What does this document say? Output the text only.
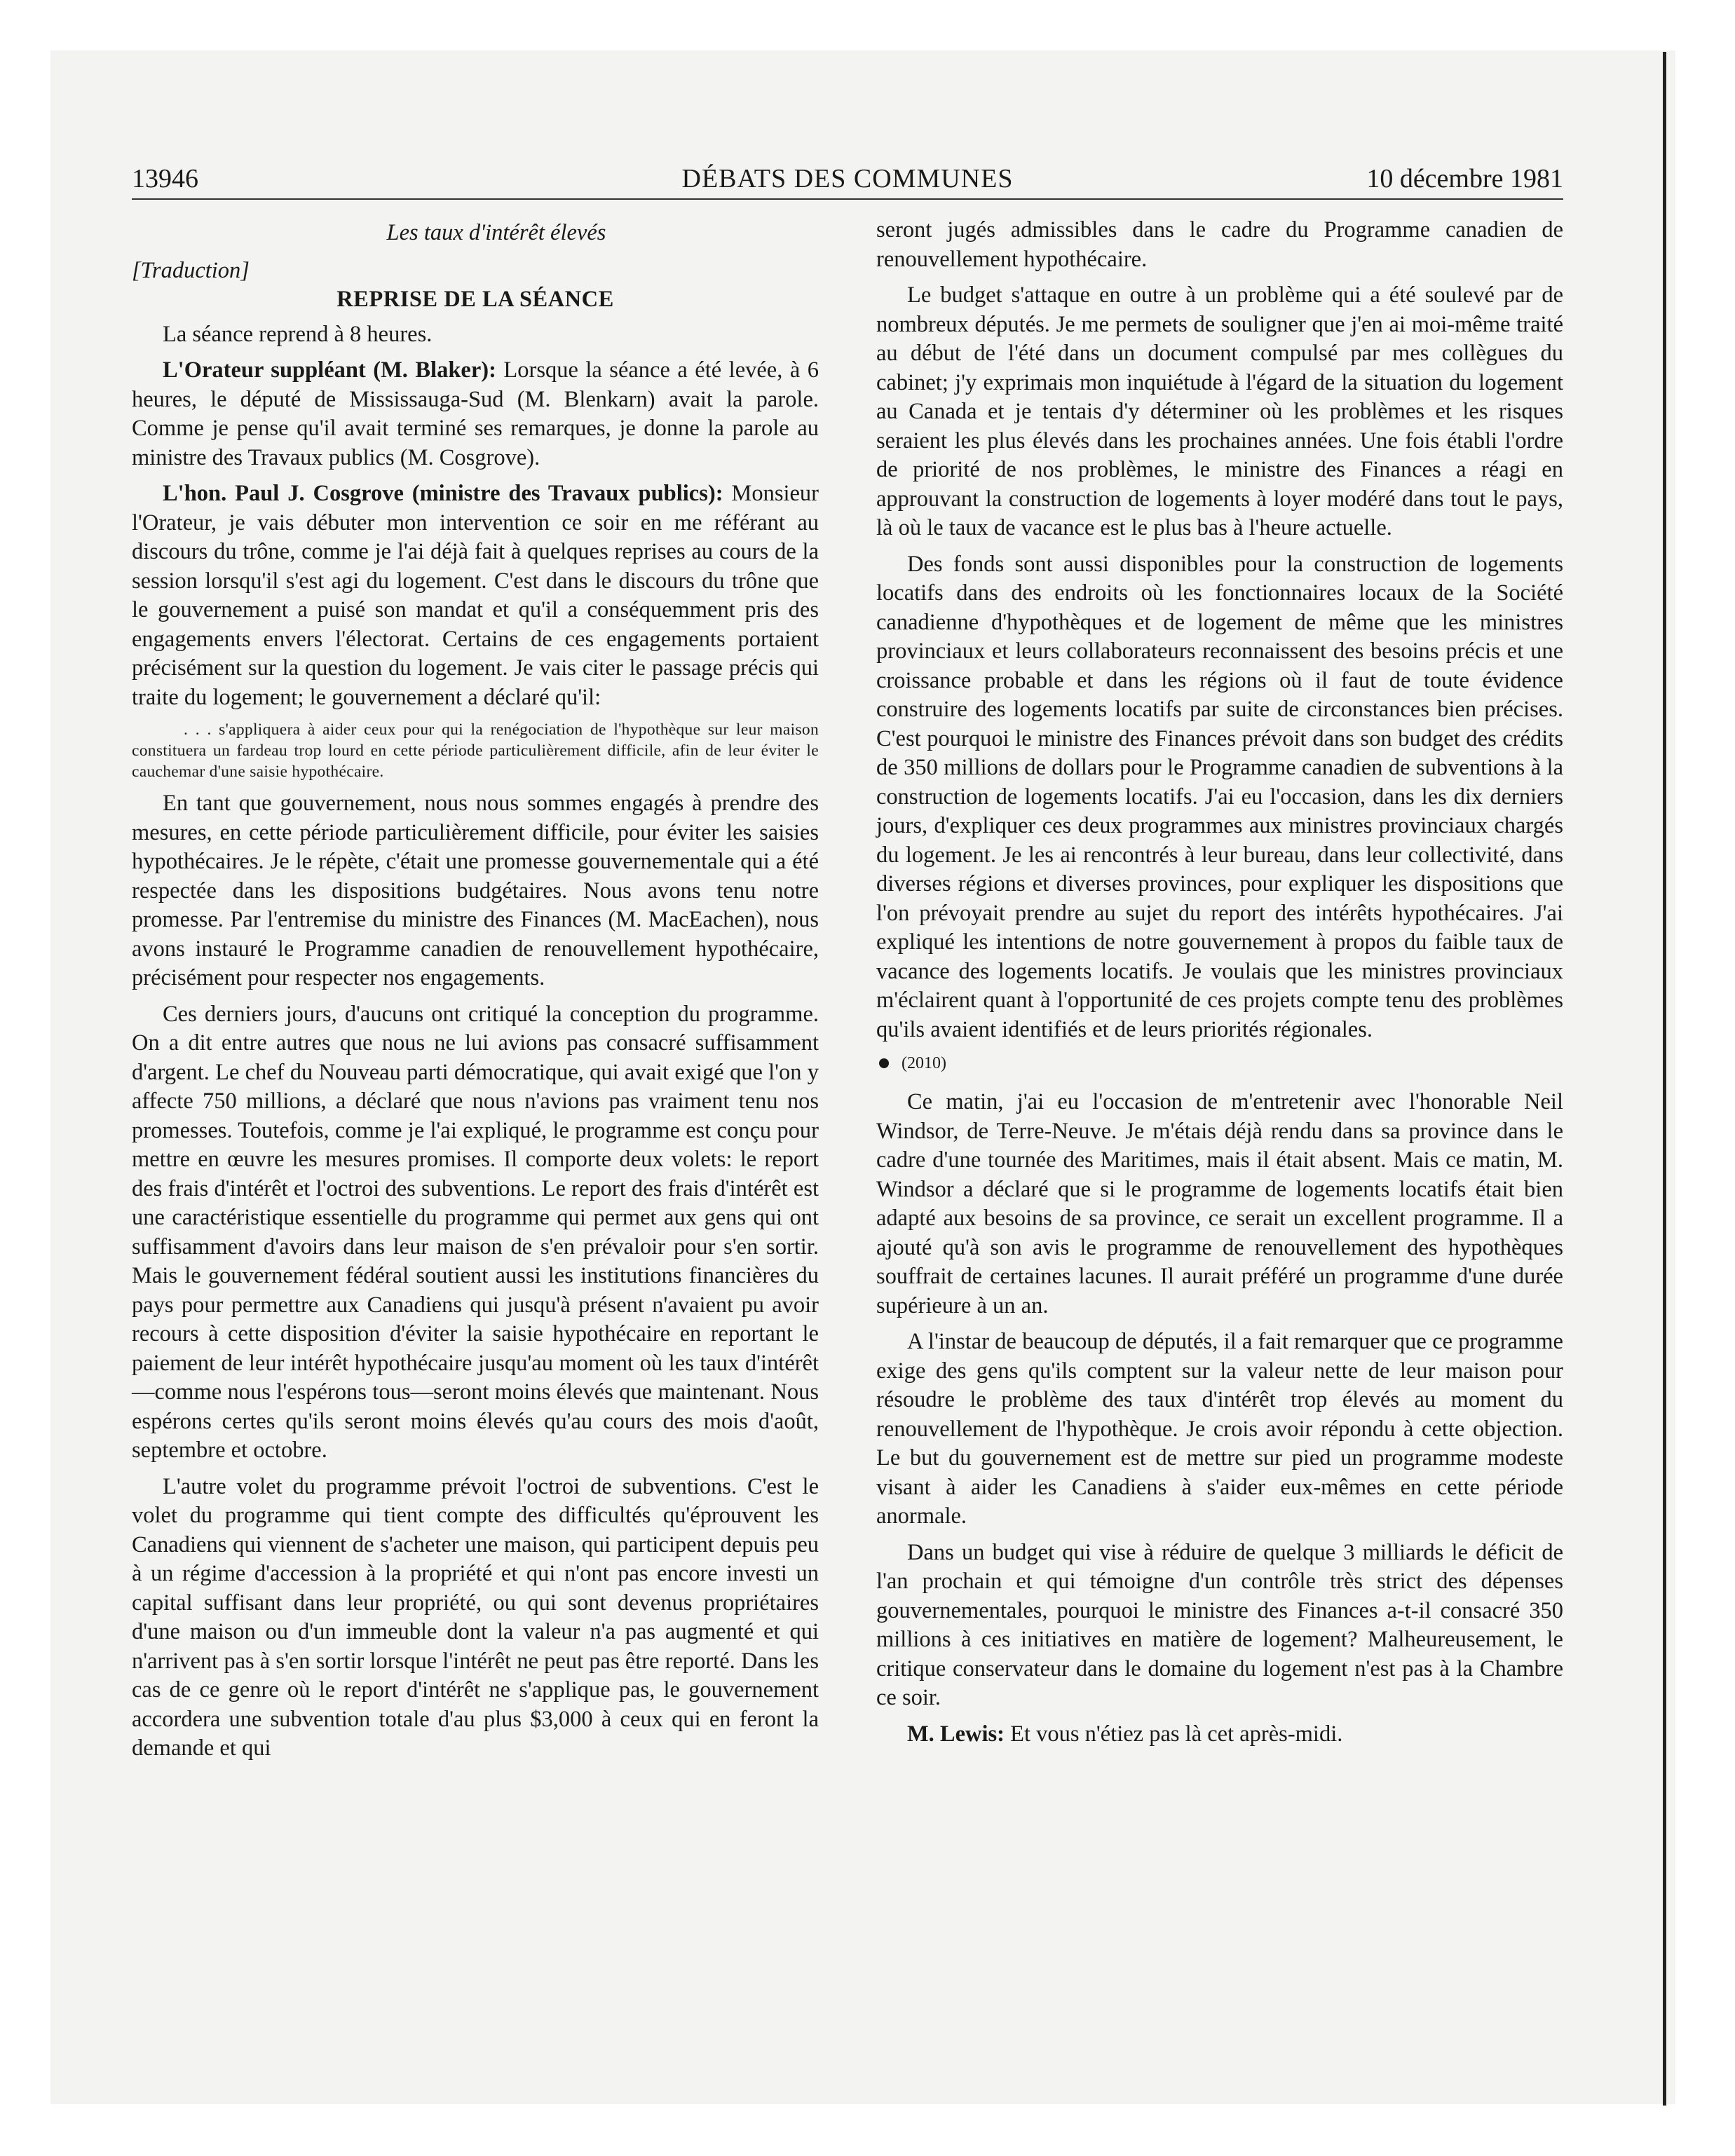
13946	DÉBATS DES COMMUNES	10 décembre 1981
Les taux d'intérêt élevés
[Traduction]
REPRISE DE LA SÉANCE

La séance reprend à 8 heures.

L'Orateur suppléant (M. Blaker): Lorsque la séance a été levée, à 6 heures, le député de Mississauga-Sud (M. Blenkarn) avait la parole. Comme je pense qu'il avait terminé ses remarques, je donne la parole au ministre des Travaux publics (M. Cosgrove).

L'hon. Paul J. Cosgrove (ministre des Travaux publics): Monsieur l'Orateur, je vais débuter mon intervention ce soir en me référant au discours du trône, comme je l'ai déjà fait à quelques reprises au cours de la session lorsqu'il s'est agi du logement. C'est dans le discours du trône que le gouvernement a puisé son mandat et qu'il a conséquemment pris des engagements envers l'électorat. Certains de ces engagements portaient précisément sur la question du logement. Je vais citer le passage précis qui traite du logement; le gouvernement a déclaré qu'il:

. . . s'appliquera à aider ceux pour qui la renégociation de l'hypothèque sur leur maison constituera un fardeau trop lourd en cette période particulièrement difficile, afin de leur éviter le cauchemar d'une saisie hypothécaire.

En tant que gouvernement, nous nous sommes engagés à prendre des mesures, en cette période particulièrement difficile, pour éviter les saisies hypothécaires. Je le répète, c'était une promesse gouvernementale qui a été respectée dans les dispositions budgétaires. Nous avons tenu notre promesse. Par l'entremise du ministre des Finances (M. MacEachen), nous avons instauré le Programme canadien de renouvellement hypothécaire, précisément pour respecter nos engagements.

Ces derniers jours, d'aucuns ont critiqué la conception du programme. On a dit entre autres que nous ne lui avions pas consacré suffisamment d'argent. Le chef du Nouveau parti démocratique, qui avait exigé que l'on y affecte 750 millions, a déclaré que nous n'avions pas vraiment tenu nos promesses. Toutefois, comme je l'ai expliqué, le programme est conçu pour mettre en œuvre les mesures promises. Il comporte deux volets: le report des frais d'intérêt et l'octroi des subventions. Le report des frais d'intérêt est une caractéristique essentielle du programme qui permet aux gens qui ont suffisamment d'avoirs dans leur maison de s'en prévaloir pour s'en sortir. Mais le gouvernement fédéral soutient aussi les institutions financières du pays pour permettre aux Canadiens qui jusqu'à présent n'avaient pu avoir recours à cette disposition d'éviter la saisie hypothécaire en reportant le paiement de leur intérêt hypothécaire jusqu'au moment où les taux d'intérêt—comme nous l'espérons tous—seront moins élevés que maintenant. Nous espérons certes qu'ils seront moins élevés qu'au cours des mois d'août, septembre et octobre.

L'autre volet du programme prévoit l'octroi de subventions. C'est le volet du programme qui tient compte des difficultés qu'éprouvent les Canadiens qui viennent de s'acheter une maison, qui participent depuis peu à un régime d'accession à la propriété et qui n'ont pas encore investi un capital suffisant dans leur propriété, ou qui sont devenus propriétaires d'une maison ou d'un immeuble dont la valeur n'a pas augmenté et qui n'arrivent pas à s'en sortir lorsque l'intérêt ne peut pas être reporté. Dans les cas de ce genre où le report d'intérêt ne s'applique pas, le gouvernement accordera une subvention totale d'au plus $3,000 à ceux qui en feront la demande et qui

seront jugés admissibles dans le cadre du Programme canadien de renouvellement hypothécaire.

Le budget s'attaque en outre à un problème qui a été soulevé par de nombreux députés. Je me permets de souligner que j'en ai moi-même traité au début de l'été dans un document compulsé par mes collègues du cabinet; j'y exprimais mon inquiétude à l'égard de la situation du logement au Canada et je tentais d'y déterminer où les problèmes et les risques seraient les plus élevés dans les prochaines années. Une fois établi l'ordre de priorité de nos problèmes, le ministre des Finances a réagi en approuvant la construction de logements à loyer modéré dans tout le pays, là où le taux de vacance est le plus bas à l'heure actuelle.

Des fonds sont aussi disponibles pour la construction de logements locatifs dans des endroits où les fonctionnaires locaux de la Société canadienne d'hypothèques et de logement de même que les ministres provinciaux et leurs collaborateurs reconnaissent des besoins précis et une croissance probable et dans les régions où il faut de toute évidence construire des logements locatifs par suite de circonstances bien précises. C'est pourquoi le ministre des Finances prévoit dans son budget des crédits de 350 millions de dollars pour le Programme canadien de subventions à la construction de logements locatifs. J'ai eu l'occasion, dans les dix derniers jours, d'expliquer ces deux programmes aux ministres provinciaux chargés du logement. Je les ai rencontrés à leur bureau, dans leur collectivité, dans diverses régions et diverses provinces, pour expliquer les dispositions que l'on prévoyait prendre au sujet du report des intérêts hypothécaires. J'ai expliqué les intentions de notre gouvernement à propos du faible taux de vacance des logements locatifs. Je voulais que les ministres provinciaux m'éclairent quant à l'opportunité de ces projets compte tenu des problèmes qu'ils avaient identifiés et de leurs priorités régionales.

(2010)

Ce matin, j'ai eu l'occasion de m'entretenir avec l'honorable Neil Windsor, de Terre-Neuve. Je m'étais déjà rendu dans sa province dans le cadre d'une tournée des Maritimes, mais il était absent. Mais ce matin, M. Windsor a déclaré que si le programme de logements locatifs était bien adapté aux besoins de sa province, ce serait un excellent programme. Il a ajouté qu'à son avis le programme de renouvellement des hypothèques souffrait de certaines lacunes. Il aurait préféré un programme d'une durée supérieure à un an.

A l'instar de beaucoup de députés, il a fait remarquer que ce programme exige des gens qu'ils comptent sur la valeur nette de leur maison pour résoudre le problème des taux d'intérêt trop élevés au moment du renouvellement de l'hypothèque. Je crois avoir répondu à cette objection. Le but du gouvernement est de mettre sur pied un programme modeste visant à aider les Canadiens à s'aider eux-mêmes en cette période anormale.

Dans un budget qui vise à réduire de quelque 3 milliards le déficit de l'an prochain et qui témoigne d'un contrôle très strict des dépenses gouvernementales, pourquoi le ministre des Finances a-t-il consacré 350 millions à ces initiatives en matière de logement? Malheureusement, le critique conservateur dans le domaine du logement n'est pas à la Chambre ce soir.

M. Lewis: Et vous n'étiez pas là cet après-midi.
